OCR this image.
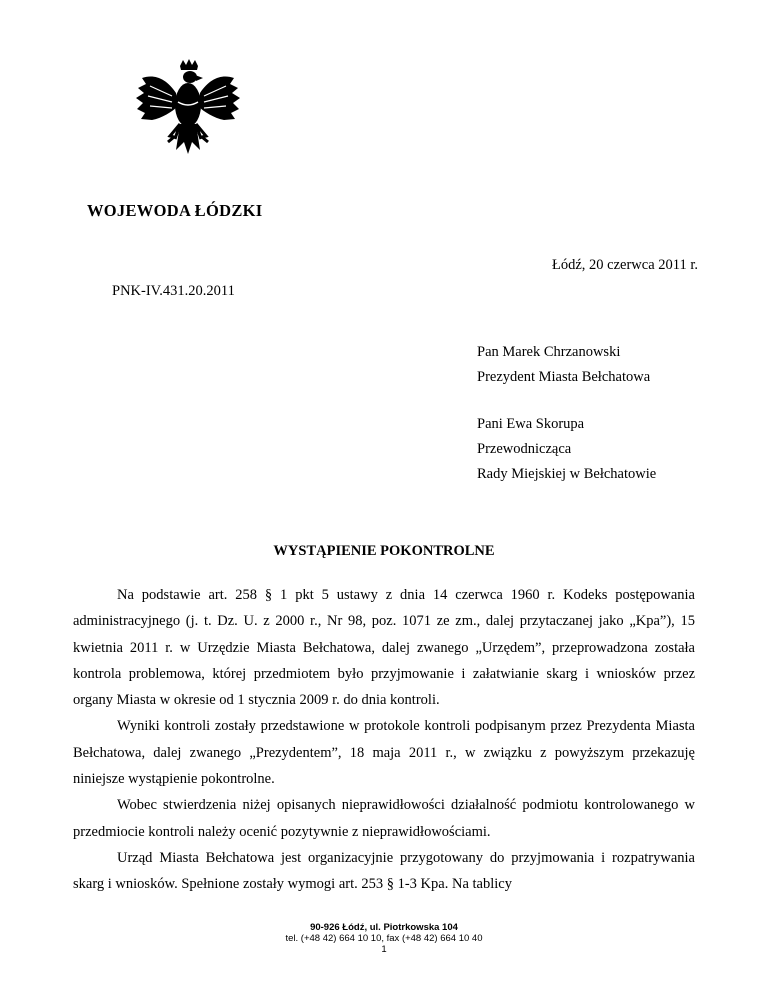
WOJEWODA ŁÓDZKI
Łódź, 20 czerwca 2011 r.
PNK-IV.431.20.2011
Pan Marek Chrzanowski
Prezydent Miasta Bełchatowa
Pani Ewa Skorupa
Przewodnicząca
Rady Miejskiej w Bełchatowie
WYSTĄPIENIE POKONTROLNE

Na podstawie art. 258 § 1 pkt 5 ustawy z dnia 14 czerwca 1960 r. Kodeks postępowania administracyjnego (j. t. Dz. U. z 2000 r., Nr 98, poz. 1071 ze zm., dalej przytaczanej jako „Kpa”), 15 kwietnia 2011 r. w Urzędzie Miasta Bełchatowa, dalej zwanego „Urzędem”, przeprowadzona została kontrola problemowa, której przedmiotem było przyjmowanie i załatwianie skarg i wniosków przez organy Miasta w okresie od 1 stycznia 2009 r. do dnia kontroli.

Wyniki kontroli zostały przedstawione w protokole kontroli podpisanym przez Prezydenta Miasta Bełchatowa, dalej zwanego „Prezydentem”, 18 maja 2011 r., w związku z powyższym przekazuję niniejsze wystąpienie pokontrolne.

Wobec stwierdzenia niżej opisanych nieprawidłowości działalność podmiotu kontrolowanego w przedmiocie kontroli należy ocenić pozytywnie z nieprawidłowościami.

Urząd Miasta Bełchatowa jest organizacyjnie przygotowany do przyjmowania i rozpatrywania skarg i wniosków. Spełnione zostały wymogi art. 253 § 1-3 Kpa. Na tablicy

90-926 Łódź, ul. Piotrkowska 104
tel. (+48 42) 664 10 10, fax (+48 42) 664 10 40
1
